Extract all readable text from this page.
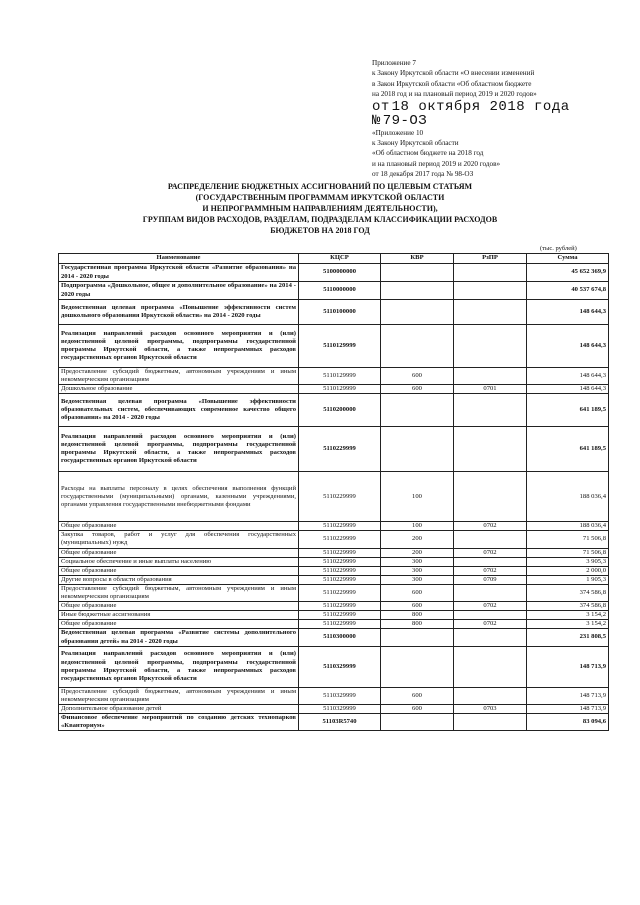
Приложение 7
к Закону Иркутской области «О внесении изменений
в Закон Иркутской области «Об областном бюджете
на 2018 год и на плановый период 2019 и 2020 годов»
от 18 октября 2018 года
№ 79-ОЗ
«Приложение 10
к Закону Иркутской области
«Об областном бюджете на 2018 год
и на плановый период 2019 и 2020 годов»
от 18 декабря 2017 года № 98-ОЗ
РАСПРЕДЕЛЕНИЕ БЮДЖЕТНЫХ АССИГНОВАНИЙ ПО ЦЕЛЕВЫМ СТАТЬЯМ
(ГОСУДАРСТВЕННЫМ ПРОГРАММАМ ИРКУТСКОЙ ОБЛАСТИ
И НЕПРОГРАММНЫМ НАПРАВЛЕНИЯМ ДЕЯТЕЛЬНОСТИ),
ГРУППАМ ВИДОВ РАСХОДОВ, РАЗДЕЛАМ, ПОДРАЗДЕЛАМ КЛАССИФИКАЦИИ РАСХОДОВ
БЮДЖЕТОВ НА 2018 ГОД
(тыс. рублей)
Наименование	КЦСР	КВР	РзПР	Сумма
Государственная программа Иркутской области «Развитие образования» на 2014 - 2020 годы	5100000000			45 652 369,9
Подпрограмма «Дошкольное, общее и дополнительное образование» на 2014 - 2020 годы	5110000000			40 537 674,8
Ведомственная целевая программа «Повышение эффективности систем дошкольного образования Иркутской области» на 2014 - 2020 годы	5110100000			148 644,3
Реализация направлений расходов основного мероприятия и (или) ведомственной целевой программы, подпрограммы государственной программы Иркутской области, а также непрограммных расходов государственных органов Иркутской области	5110129999			148 644,3
Предоставление субсидий бюджетным, автономным учреждениям и иным некоммерческим организациям	5110129999	600		148 644,3
Дошкольное образование	5110129999	600	0701	148 644,3
Ведомственная целевая программа «Повышение эффективности образовательных систем, обеспечивающих современное качество общего образования» на 2014 - 2020 годы	5110200000			641 189,5
Реализация направлений расходов основного мероприятия и (или) ведомственной целевой программы, подпрограммы государственной программы Иркутской области, а также непрограммных расходов государственных органов Иркутской области	5110229999			641 189,5
Расходы на выплаты персоналу в целях обеспечения выполнения функций государственными (муниципальными) органами, казенными учреждениями, органами управления государственными внебюджетными фондами	5110229999	100		188 036,4
Общее образование	5110229999	100	0702	188 036,4
Закупка товаров, работ и услуг для обеспечения государственных (муниципальных) нужд	5110229999	200		71 506,8
Общее образование	5110229999	200	0702	71 506,8
Социальное обеспечение и иные выплаты населению	5110229999	300		3 905,3
Общее образование	5110229999	300	0702	2 000,0
Другие вопросы в области образования	5110229999	300	0709	1 905,3
Предоставление субсидий бюджетным, автономным учреждениям и иным некоммерческим организациям	5110229999	600		374 586,8
Общее образование	5110229999	600	0702	374 586,8
Иные бюджетные ассигнования	5110229999	800		3 154,2
Общее образование	5110229999	800	0702	3 154,2
Ведомственная целевая программа «Развитие системы дополнительного образования детей» на 2014 - 2020 годы	5110300000			231 808,5
Реализация направлений расходов основного мероприятия и (или) ведомственной целевой программы, подпрограммы государственной программы Иркутской области, а также непрограммных расходов государственных органов Иркутской области	5110329999			148 713,9
Предоставление субсидий бюджетным, автономным учреждениям и иным некоммерческим организациям	5110329999	600		148 713,9
Дополнительное образование детей	5110329999	600	0703	148 713,9
Финансовое обеспечение мероприятий по созданию детских технопарков «Кванториум»	51103R5740			83 094,6
